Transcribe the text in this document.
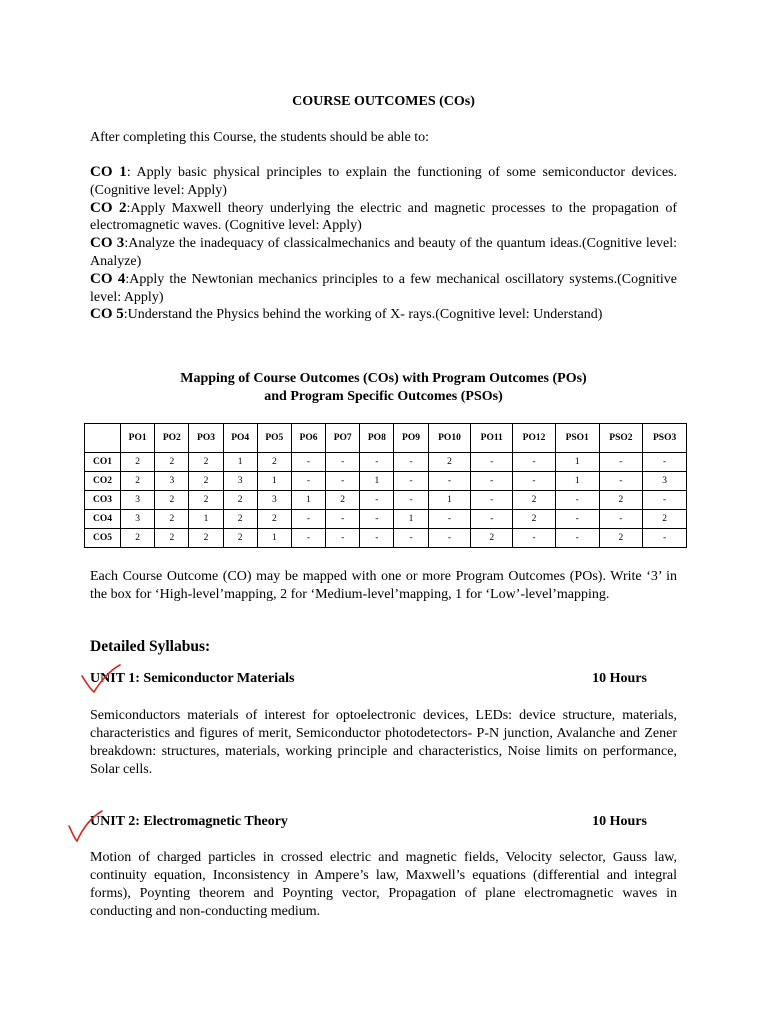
COURSE OUTCOMES (COs)
After completing this Course, the students should be able to:

CO 1: Apply basic physical principles to explain the functioning of some semiconductor devices. (Cognitive level: Apply)

CO 2:Apply Maxwell theory underlying the electric and magnetic processes to the propagation of electromagnetic waves. (Cognitive level: Apply)

CO 3:Analyze the inadequacy of classicalmechanics and beauty of the quantum ideas.(Cognitive level: Analyze)

CO 4:Apply the Newtonian mechanics principles to a few mechanical oscillatory systems.(Cognitive level: Apply)

CO 5:Understand the Physics behind the working of X- rays.(Cognitive level: Understand)

Mapping of Course Outcomes (COs) with Program Outcomes (POs)
and Program Specific Outcomes (PSOs)
	PO1	PO2	PO3	PO4	PO5	PO6	PO7	PO8	PO9	PO10	PO11	PO12	PSO1	PSO2	PSO3
CO1	2	2	2	1	2	-	-	-	-	2	-	-	1	-	-
CO2	2	3	2	3	1	-	-	1	-	-	-	-	1	-	3
CO3	3	2	2	2	3	1	2	-	-	1	-	2	-	2	-
CO4	3	2	1	2	2	-	-	-	1	-	-	2	-	-	2
CO5	2	2	2	2	1	-	-	-	-	-	2	-	-	2	-

Each Course Outcome (CO) may be mapped with one or more Program Outcomes (POs). Write ‘3’ in the box for ‘High-level’mapping, 2 for ‘Medium-level’mapping, 1 for ‘Low’-level’mapping.

Detailed Syllabus:
UNIT 1: Semiconductor Materials	10 Hours

Semiconductors materials of interest for optoelectronic devices, LEDs: device structure, materials, characteristics and figures of merit, Semiconductor photodetectors- P-N junction, Avalanche and Zener breakdown: structures, materials, working principle and characteristics, Noise limits on performance, Solar cells.

UNIT 2: Electromagnetic Theory	10 Hours

Motion of charged particles in crossed electric and magnetic fields, Velocity selector, Gauss law, continuity equation, Inconsistency in Ampere’s law, Maxwell’s equations (differential and integral forms), Poynting theorem and Poynting vector, Propagation of plane electromagnetic waves in conducting and non-conducting medium.
